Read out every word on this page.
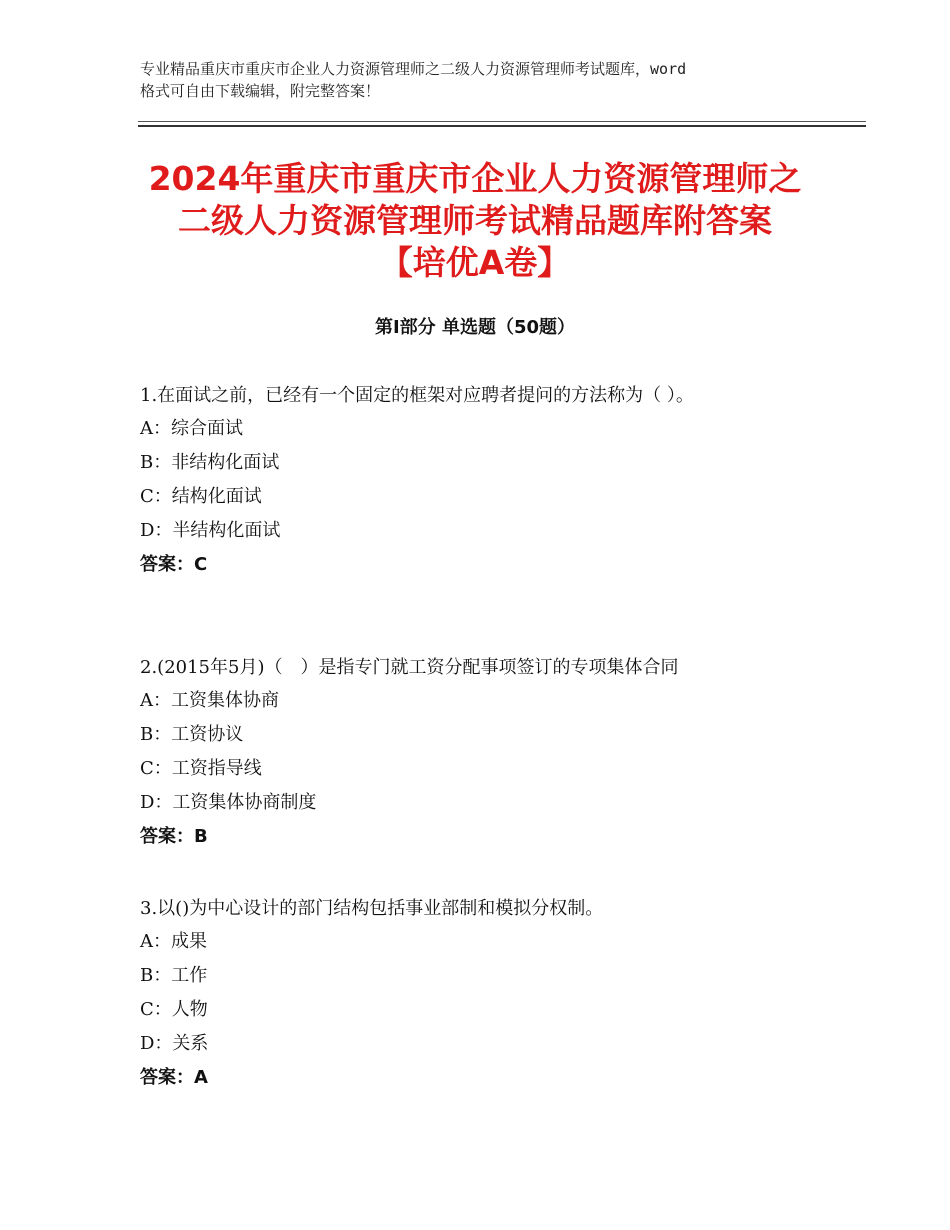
专业精品重庆市重庆市企业人力资源管理师之二级人力资源管理师考试题库，word
格式可自由下载编辑，附完整答案！
2024年重庆市重庆市企业人力资源管理师之
二级人力资源管理师考试精品题库附答案
【培优A卷】
第Ⅰ部分 单选题（50题）
1.在面试之前，已经有一个固定的框架对应聘者提问的方法称为（ ）。
A：综合面试
B：非结构化面试
C：结构化面试
D：半结构化面试
答案：C
2.(2015年5月)（　）是指专门就工资分配事项签订的专项集体合同
A：工资集体协商
B：工资协议
C：工资指导线
D：工资集体协商制度
答案：B
3.以()为中心设计的部门结构包括事业部制和模拟分权制。
A：成果
B：工作
C：人物
D：关系
答案：A
